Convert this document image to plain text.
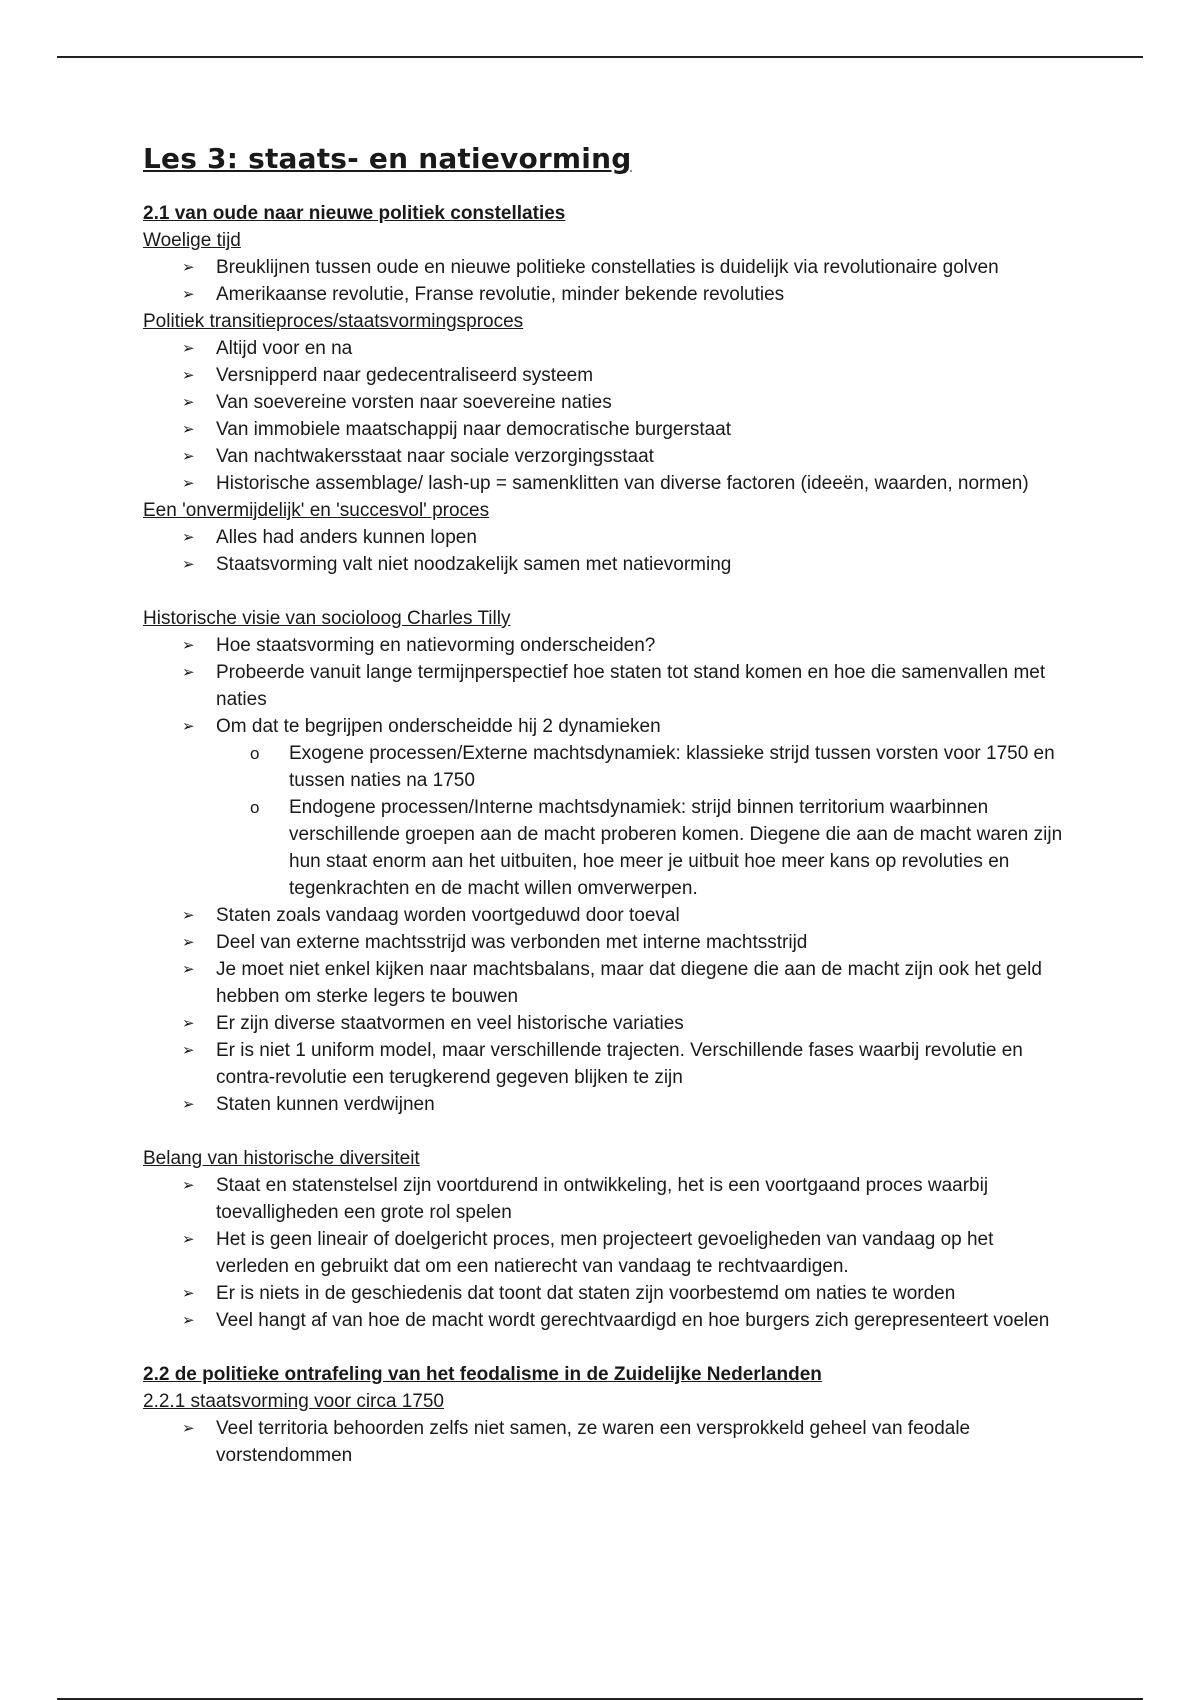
Les 3: staats- en natievorming
2.1 van oude naar nieuwe politiek constellaties
Woelige tijd
➢ Breuklijnen tussen oude en nieuwe politieke constellaties is duidelijk via revolutionaire golven
➢ Amerikaanse revolutie, Franse revolutie, minder bekende revoluties
Politiek transitieproces/staatsvormingsproces
➢ Altijd voor en na
➢ Versnipperd naar gedecentraliseerd systeem
➢ Van soevereine vorsten naar soevereine naties
➢ Van immobiele maatschappij naar democratische burgerstaat
➢ Van nachtwakersstaat naar sociale verzorgingsstaat
➢ Historische assemblage/ lash-up = samenklitten van diverse factoren (ideeën, waarden, normen)
Een 'onvermijdelijk' en 'succesvol' proces
➢ Alles had anders kunnen lopen
➢ Staatsvorming valt niet noodzakelijk samen met natievorming
Historische visie van socioloog Charles Tilly
➢ Hoe staatsvorming en natievorming onderscheiden?
➢ Probeerde vanuit lange termijnperspectief hoe staten tot stand komen en hoe die samenvallen met naties
➢ Om dat te begrijpen onderscheidde hij 2 dynamieken
o Exogene processen/Externe machtsdynamiek: klassieke strijd tussen vorsten voor 1750 en tussen naties na 1750
o Endogene processen/Interne machtsdynamiek: strijd binnen territorium waarbinnen verschillende groepen aan de macht proberen komen. Diegene die aan de macht waren zijn hun staat enorm aan het uitbuiten, hoe meer je uitbuit hoe meer kans op revoluties en tegenkrachten en de macht willen omverwerpen.
➢ Staten zoals vandaag worden voortgeduwd door toeval
➢ Deel van externe machtsstrijd was verbonden met interne machtsstrijd
➢ Je moet niet enkel kijken naar machtsbalans, maar dat diegene die aan de macht zijn ook het geld hebben om sterke legers te bouwen
➢ Er zijn diverse staatvormen en veel historische variaties
➢ Er is niet 1 uniform model, maar verschillende trajecten. Verschillende fases waarbij revolutie en contra-revolutie een terugkerend gegeven blijken te zijn
➢ Staten kunnen verdwijnen
Belang van historische diversiteit
➢ Staat en statenstelsel zijn voortdurend in ontwikkeling, het is een voortgaand proces waarbij toevalligheden een grote rol spelen
➢ Het is geen lineair of doelgericht proces, men projecteert gevoeligheden van vandaag op het verleden en gebruikt dat om een natierecht van vandaag te rechtvaardigen.
➢ Er is niets in de geschiedenis dat toont dat staten zijn voorbestemd om naties te worden
➢ Veel hangt af van hoe de macht wordt gerechtvaardigd en hoe burgers zich gerepresenteert voelen
2.2 de politieke ontrafeling van het feodalisme in de Zuidelijke Nederlanden
2.2.1 staatsvorming voor circa 1750
➢ Veel territoria behoorden zelfs niet samen, ze waren een versprokkeld geheel van feodale vorstendommen
